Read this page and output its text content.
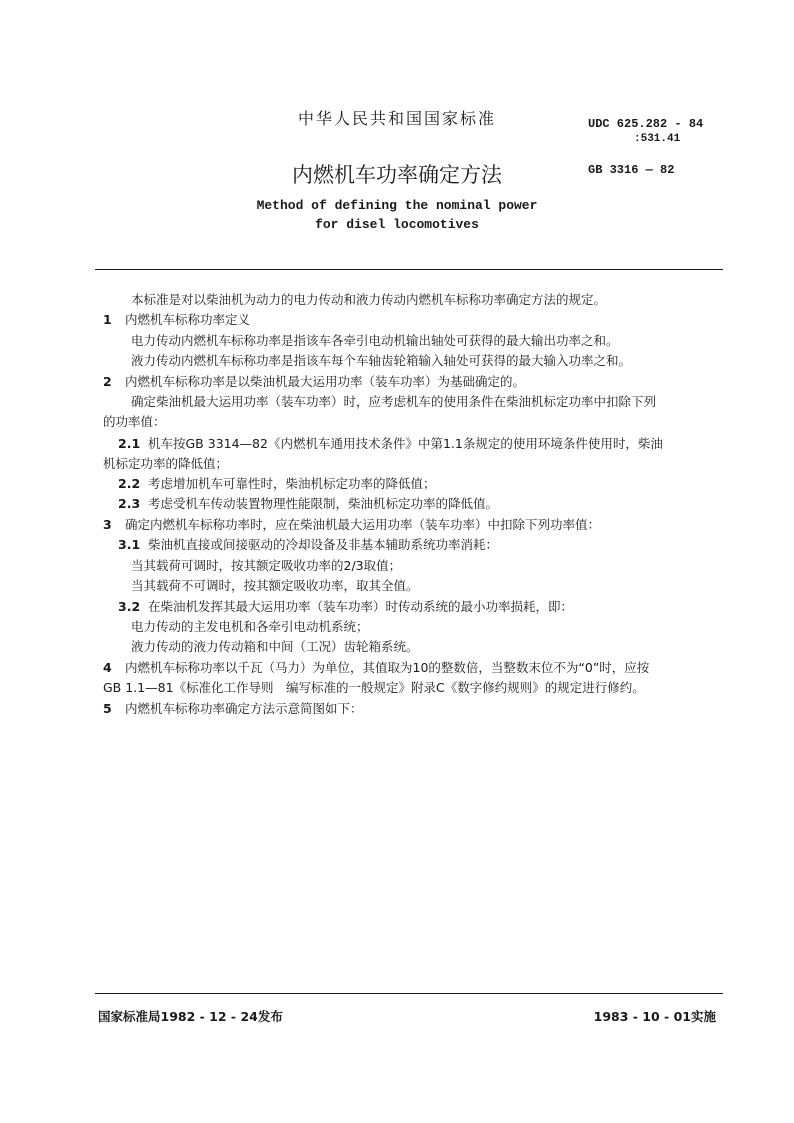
中华人民共和国国家标准	UDC 625.282 - 84
:531.41
内燃机车功率确定方法	GB 3316 — 82
Method of defining the nominal power
for disel locomotives
本标准是对以柴油机为动力的电力传动和液力传动内燃机车标称功率确定方法的规定。
1 内燃机车标称功率定义
电力传动内燃机车标称功率是指该车各牵引电动机输出轴处可获得的最大输出功率之和。
液力传动内燃机车标称功率是指该车每个车轴齿轮箱输入轴处可获得的最大输入功率之和。
2 内燃机车标称功率是以柴油机最大运用功率（装车功率）为基础确定的。
确定柴油机最大运用功率（装车功率）时，应考虑机车的使用条件在柴油机标定功率中扣除下列
的功率值：
2.1 机车按GB 3314—82《内燃机车通用技术条件》中第1.1条规定的使用环境条件使用时，柴油
机标定功率的降低值；
2.2 考虑增加机车可靠性时，柴油机标定功率的降低值；
2.3 考虑受机车传动装置物理性能限制，柴油机标定功率的降低值。
3 确定内燃机车标称功率时，应在柴油机最大运用功率（装车功率）中扣除下列功率值：
3.1 柴油机直接或间接驱动的冷却设备及非基本辅助系统功率消耗：
当其载荷可调时，按其额定吸收功率的2/3取值；
当其载荷不可调时，按其额定吸收功率，取其全值。
3.2 在柴油机发挥其最大运用功率（装车功率）时传动系统的最小功率损耗，即：
电力传动的主发电机和各牵引电动机系统；
液力传动的液力传动箱和中间（工况）齿轮箱系统。
4 内燃机车标称功率以千瓦（马力）为单位，其值取为10的整数倍，当整数末位不为“0”时，应按
GB 1.1—81《标准化工作导则　编写标准的一般规定》附录C《数字修约规则》的规定进行修约。
5 内燃机车标称功率确定方法示意简图如下：
国家标准局1982 - 12 - 24发布	1983 - 10 - 01实施
